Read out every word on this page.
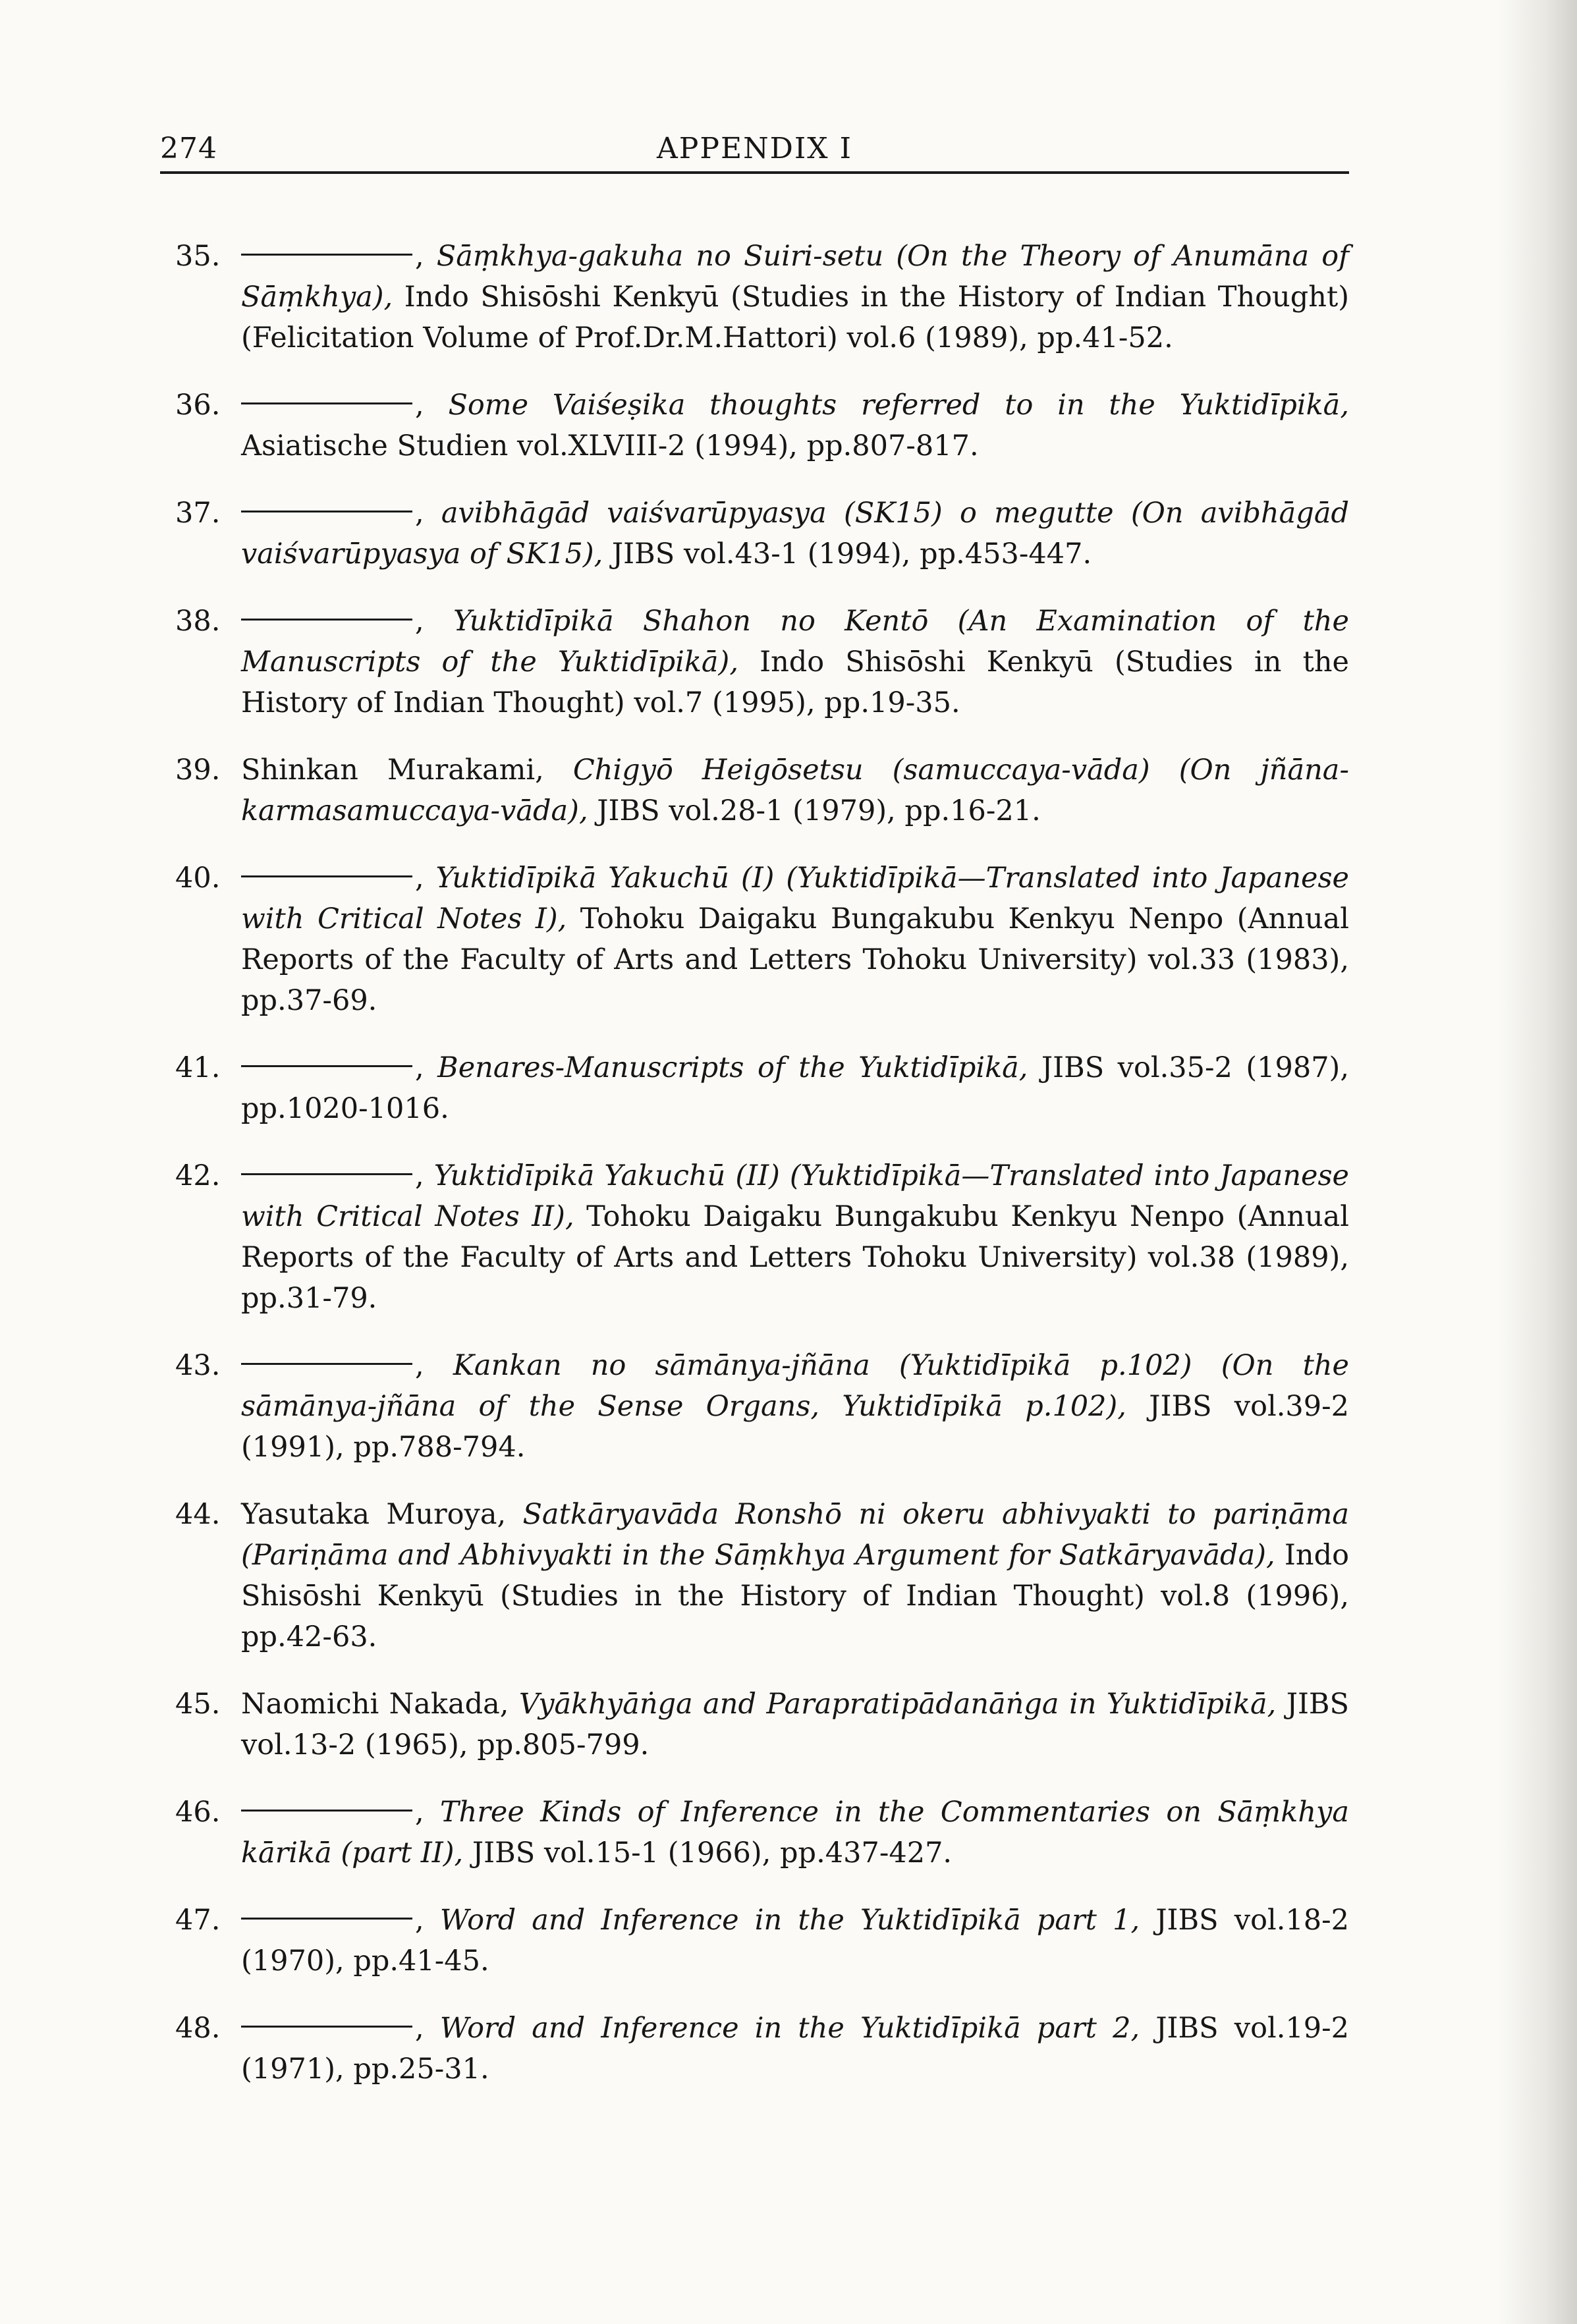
274	APPENDIX I
35.	, Sāṃkhya-gakuha no Suiri-setu (On the Theory of Anumāna of Sāṃkhya), Indo Shisōshi Kenkyū (Studies in the History of Indian Thought) (Felicitation Volume of Prof.Dr.M.Hattori) vol.6 (1989), pp.41-52.
36.	, Some Vaiśeṣika thoughts referred to in the Yuktidīpikā, Asiatische Studien vol.XLVIII-2 (1994), pp.807-817.
37.	, avibhāgād vaiśvarūpyasya (SK15) o megutte (On avibhāgād vaiśvarūpyasya of SK15), JIBS vol.43-1 (1994), pp.453-447.
38.	, Yuktidīpikā Shahon no Kentō (An Examination of the Manuscripts of the Yuktidīpikā), Indo Shisōshi Kenkyū (Studies in the History of Indian Thought) vol.7 (1995), pp.19-35.
39. Shinkan Murakami, Chigyō Heigōsetsu (samuccaya-vāda) (On jñāna-karmasamuccaya-vāda), JIBS vol.28-1 (1979), pp.16-21.
40.	, Yuktidīpikā Yakuchū (I) (Yuktidīpikā—Translated into Japanese with Critical Notes I), Tohoku Daigaku Bungakubu Kenkyu Nenpo (Annual Reports of the Faculty of Arts and Letters Tohoku University) vol.33 (1983), pp.37-69.
41.	, Benares-Manuscripts of the Yuktidīpikā, JIBS vol.35-2 (1987), pp.1020-1016.
42.	, Yuktidīpikā Yakuchū (II) (Yuktidīpikā—Translated into Japanese with Critical Notes II), Tohoku Daigaku Bungakubu Kenkyu Nenpo (Annual Reports of the Faculty of Arts and Letters Tohoku University) vol.38 (1989), pp.31-79.
43.	, Kankan no sāmānya-jñāna (Yuktidīpikā p.102) (On the sāmānya-jñāna of the Sense Organs, Yuktidīpikā p.102), JIBS vol.39-2 (1991), pp.788-794.
44. Yasutaka Muroya, Satkāryavāda Ronshō ni okeru abhivyakti to pariṇāma (Pariṇāma and Abhivyakti in the Sāṃkhya Argument for Satkāryavāda), Indo Shisōshi Kenkyū (Studies in the History of Indian Thought) vol.8 (1996), pp.42-63.
45. Naomichi Nakada, Vyākhyāṅga and Parapratipādanāṅga in Yuktidīpikā, JIBS vol.13-2 (1965), pp.805-799.
46.	, Three Kinds of Inference in the Commentaries on Sāṃkhya kārikā (part II), JIBS vol.15-1 (1966), pp.437-427.
47.	, Word and Inference in the Yuktidīpikā part 1, JIBS vol.18-2 (1970), pp.41-45.
48.	, Word and Inference in the Yuktidīpikā part 2, JIBS vol.19-2 (1971), pp.25-31.
